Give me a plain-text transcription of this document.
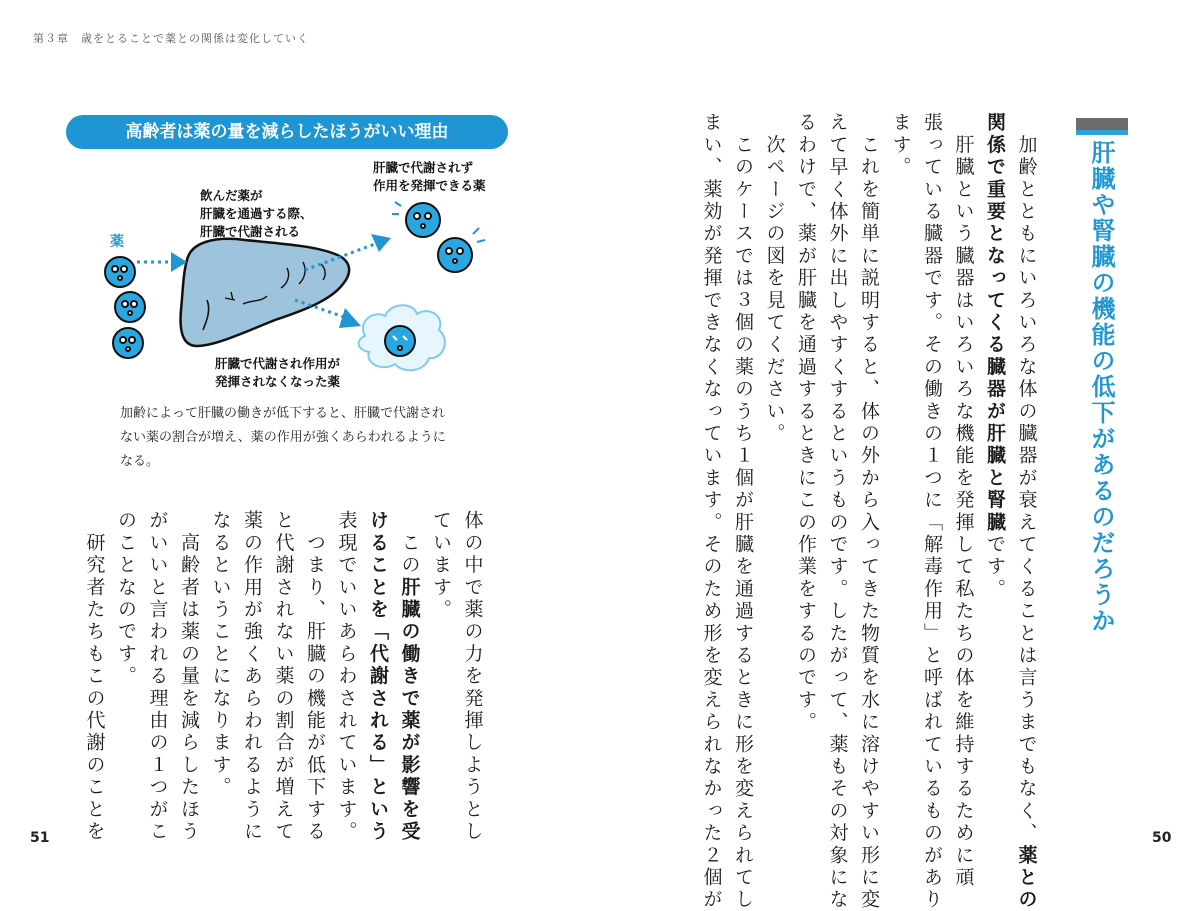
第３章　歳をとることで薬との関係は変化していく
51	50
肝臓や腎臓の機能の低下があるのだろうか
　加齢とともにいろいろな体の臓器が衰えてくることは言うまでもなく、薬との
関係で重要となってくる臓器が肝臓と腎臓です。
　肝臓という臓器はいろいろな機能を発揮して私たちの体を維持するために頑
張っている臓器です。その働きの１つに「解毒作用」と呼ばれているものがあり
ます。
　これを簡単に説明すると、体の外から入ってきた物質を水に溶けやすい形に変
えて早く体外に出しやすくするというものです。したがって、薬もその対象にな
るわけで、薬が肝臓を通過するときにこの作業をするのです。
　次ページの図を見てください。
　このケースでは３個の薬のうち１個が肝臓を通過するときに形を変えられてし
まい、薬効が発揮できなくなっています。そのため形を変えられなかった２個が
高齢者は薬の量を減らしたほうがいい理由
薬
飲んだ薬が
肝臓を通過する際、
肝臓で代謝される
肝臓で代謝されず
作用を発揮できる薬
肝臓で代謝され作用が
発揮されなくなった薬
加齢によって肝臓の働きが低下すると、肝臓で代謝され
ない薬の割合が増え、薬の作用が強くあらわれるように
なる。
体の中で薬の力を発揮しようとし
ています。
　この肝臓の働きで薬が影響を受
けることを「代謝される」という
表現でいいあらわされています。
　つまり、肝臓の機能が低下する
と代謝されない薬の割合が増えて
薬の作用が強くあらわれるように
なるということになります。
　高齢者は薬の量を減らしたほう
がいいと言われる理由の１つがこ
のことなのです。
　研究者たちもこの代謝のことを
